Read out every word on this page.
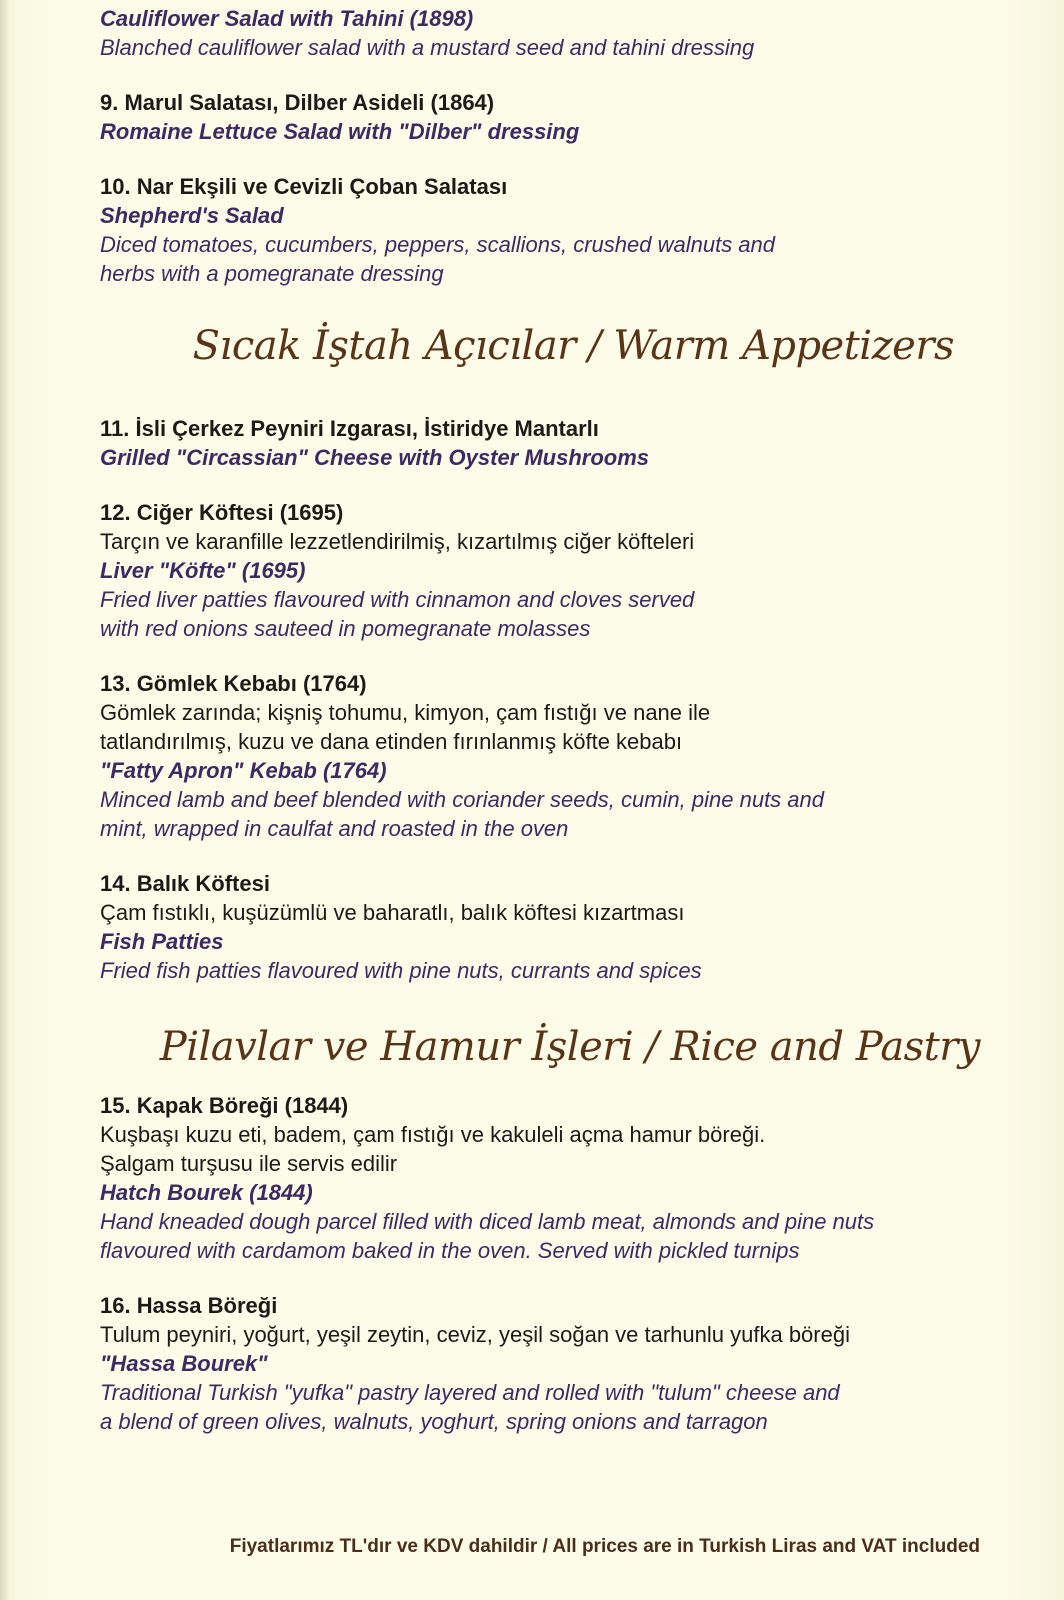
Cauliflower Salad with Tahini (1898)
Blanched cauliflower salad with a mustard seed and tahini dressing
9. Marul Salatası, Dilber Asideli (1864)
Romaine Lettuce Salad with "Dilber" dressing
10. Nar Ekşili ve Cevizli Çoban Salatası
Shepherd's Salad
Diced tomatoes, cucumbers, peppers, scallions, crushed walnuts and
herbs with a pomegranate dressing
Sıcak İştah Açıcılar / Warm Appetizers
11. İsli Çerkez Peyniri Izgarası, İstiridye Mantarlı
Grilled "Circassian" Cheese with Oyster Mushrooms
12. Ciğer Köftesi (1695)
Tarçın ve karanfille lezzetlendirilmiş, kızartılmış ciğer köfteleri
Liver "Köfte" (1695)
Fried liver patties flavoured with cinnamon and cloves served
with red onions sauteed in pomegranate molasses
13. Gömlek Kebabı (1764)
Gömlek zarında; kişniş tohumu, kimyon, çam fıstığı ve nane ile
tatlandırılmış, kuzu ve dana etinden fırınlanmış köfte kebabı
"Fatty Apron" Kebab (1764)
Minced lamb and beef blended with coriander seeds, cumin, pine nuts and
mint, wrapped in caulfat and roasted in the oven
14. Balık Köftesi
Çam fıstıklı, kuşüzümlü ve baharatlı, balık köftesi kızartması
Fish Patties
Fried fish patties flavoured with pine nuts, currants and spices
Pilavlar ve Hamur İşleri / Rice and Pastry
15. Kapak Böreği (1844)
Kuşbaşı kuzu eti, badem, çam fıstığı ve kakuleli açma hamur böreği.
Şalgam turşusu ile servis edilir
Hatch Bourek (1844)
Hand kneaded dough parcel filled with diced lamb meat, almonds and pine nuts
flavoured with cardamom baked in the oven. Served with pickled turnips
16. Hassa Böreği
Tulum peyniri, yoğurt, yeşil zeytin, ceviz, yeşil soğan ve tarhunlu yufka böreği
"Hassa Bourek"
Traditional Turkish "yufka" pastry layered and rolled with "tulum" cheese and
a blend of green olives, walnuts, yoghurt, spring onions and tarragon
Fiyatlarımız TL'dır ve KDV dahildir / All prices are in Turkish Liras and VAT included
